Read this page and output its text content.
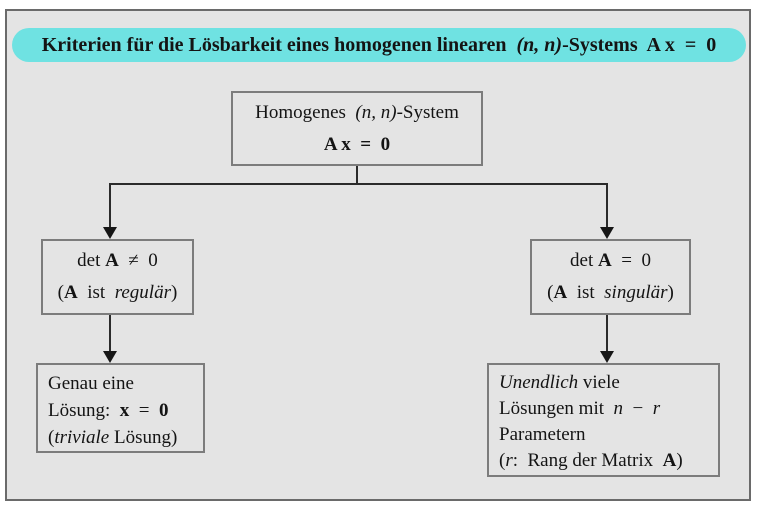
Kriterien für die Lösbarkeit eines homogenen linearen  (n, n)-Systems  A x  =  0
Homogenes  (n, n)-System
A x  =  0
det A  ≠  0
(A  ist  regulär)
det A  =  0
(A  ist  singulär)
Genau eine
Lösung:  x  =  0
(triviale Lösung)
Unendlich viele
Lösungen mit  n  −  r
Parametern
(r:  Rang der Matrix  A)
